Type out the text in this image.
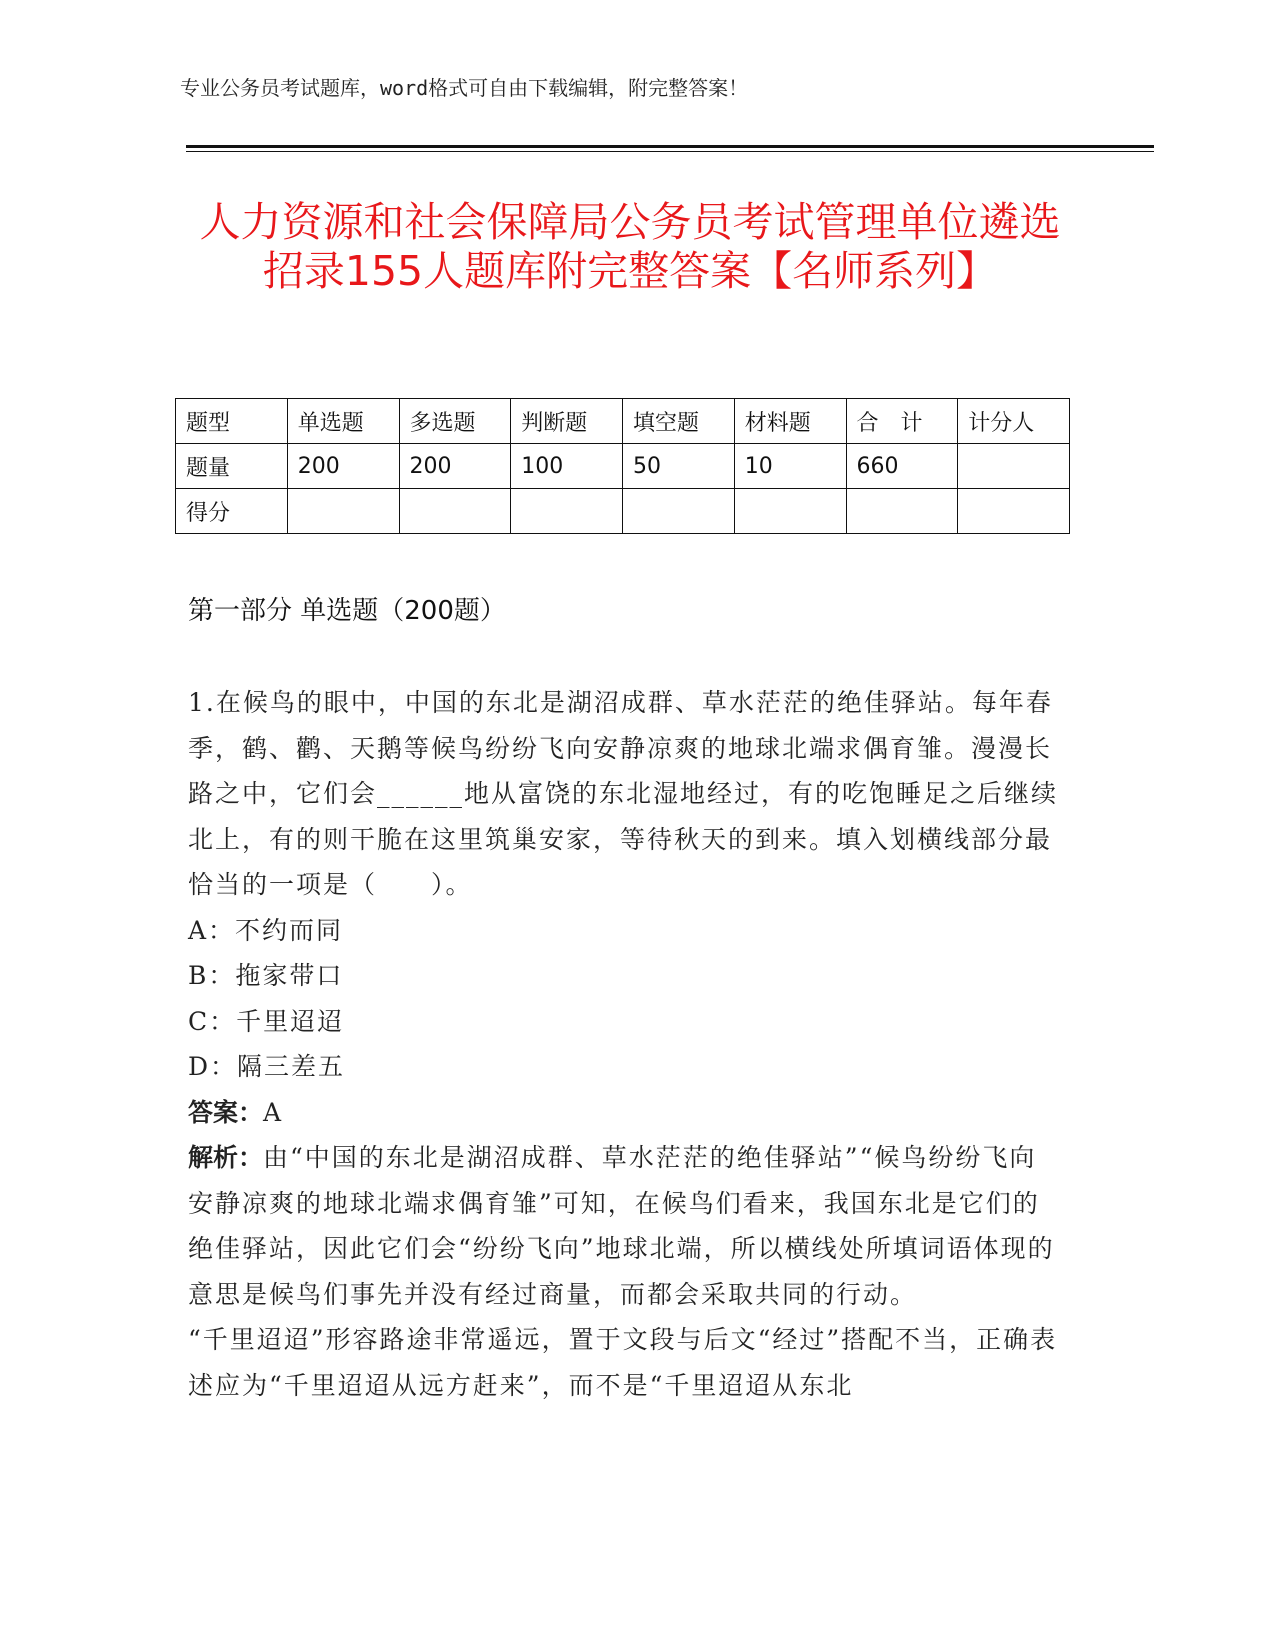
专业公务员考试题库，word格式可自由下载编辑，附完整答案！
人力资源和社会保障局公务员考试管理单位遴选招录155人题库附完整答案【名师系列】
题型	单选题	多选题	判断题	填空题	材料题	合　计	计分人
题量	200	200	100	50	10	660	
得分							
第一部分 单选题（200题）

1.在候鸟的眼中，中国的东北是湖沼成群、草水茫茫的绝佳驿站。每年春季，鹤、鹳、天鹅等候鸟纷纷飞向安静凉爽的地球北端求偶育雏。漫漫长路之中，它们会______地从富饶的东北湿地经过，有的吃饱睡足之后继续北上，有的则干脆在这里筑巢安家，等待秋天的到来。填入划横线部分最恰当的一项是（　　）。

A：不约而同

B：拖家带口

C：千里迢迢

D：隔三差五

答案：A

解析：由“中国的东北是湖沼成群、草水茫茫的绝佳驿站”“候鸟纷纷飞向安静凉爽的地球北端求偶育雏”可知，在候鸟们看来，我国东北是它们的绝佳驿站，因此它们会“纷纷飞向”地球北端，所以横线处所填词语体现的意思是候鸟们事先并没有经过商量，而都会采取共同的行动。

“千里迢迢”形容路途非常遥远，置于文段与后文“经过”搭配不当，正确表述应为“千里迢迢从远方赶来”，而不是“千里迢迢从东北
